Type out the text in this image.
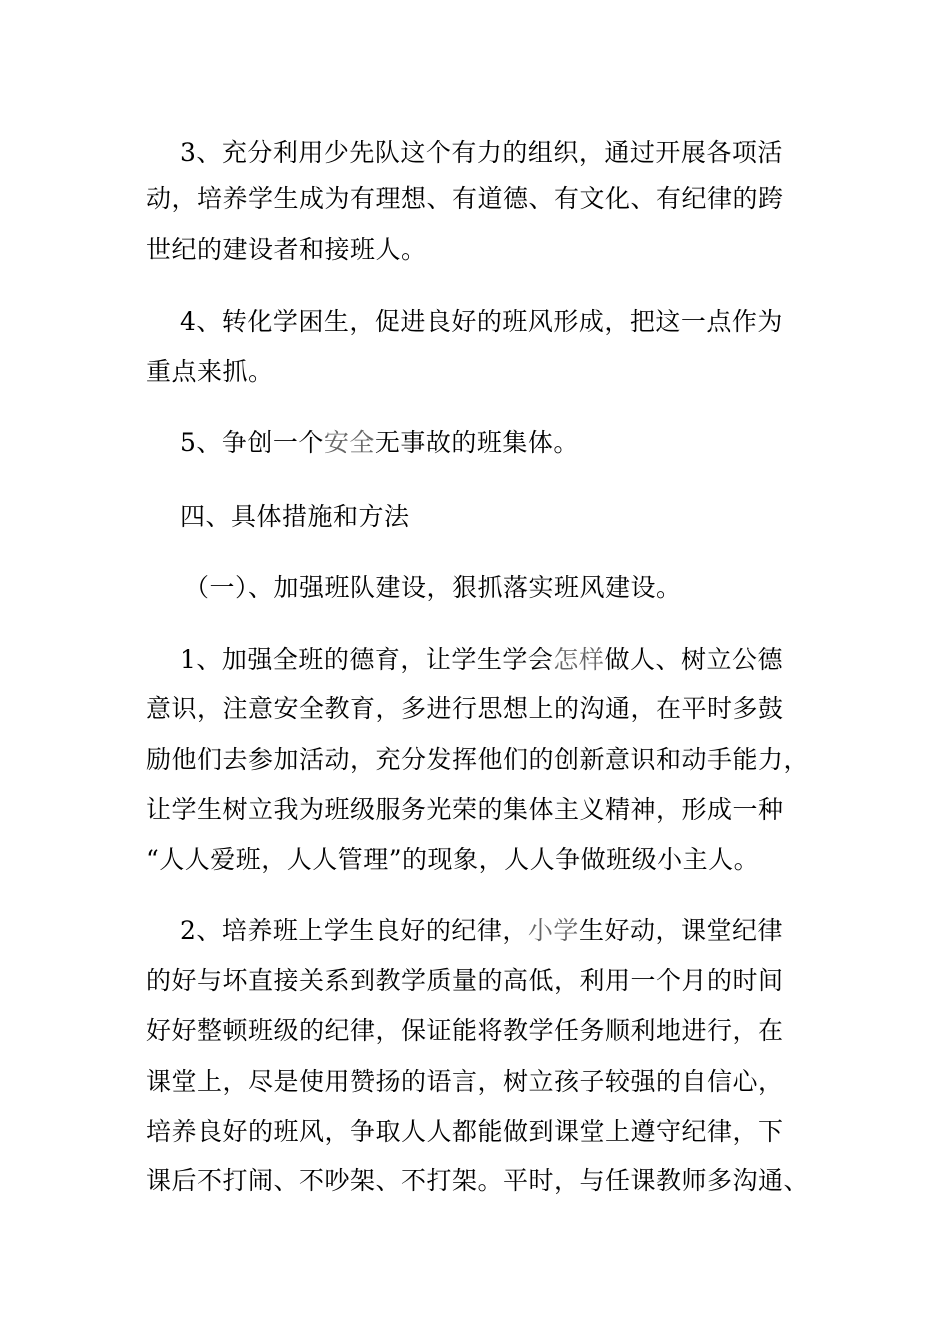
3、充分利用少先队这个有力的组织，通过开展各项活
动，培养学生成为有理想、有道德、有文化、有纪律的跨
世纪的建设者和接班人。
4、转化学困生，促进良好的班风形成，把这一点作为
重点来抓。
5、争创一个安全无事故的班集体。
四、具体措施和方法
（一）、加强班队建设，狠抓落实班风建设。
1、加强全班的德育，让学生学会怎样做人、树立公德
意识，注意安全教育，多进行思想上的沟通，在平时多鼓
励他们去参加活动，充分发挥他们的创新意识和动手能力，
让学生树立我为班级服务光荣的集体主义精神，形成一种
“人人爱班，人人管理”的现象，人人争做班级小主人。
2、培养班上学生良好的纪律，小学生好动，课堂纪律
的好与坏直接关系到教学质量的高低，利用一个月的时间
好好整顿班级的纪律，保证能将教学任务顺利地进行，在
课堂上，尽是使用赞扬的语言，树立孩子较强的自信心，
培养良好的班风，争取人人都能做到课堂上遵守纪律，下
课后不打闹、不吵架、不打架。平时，与任课教师多沟通、
